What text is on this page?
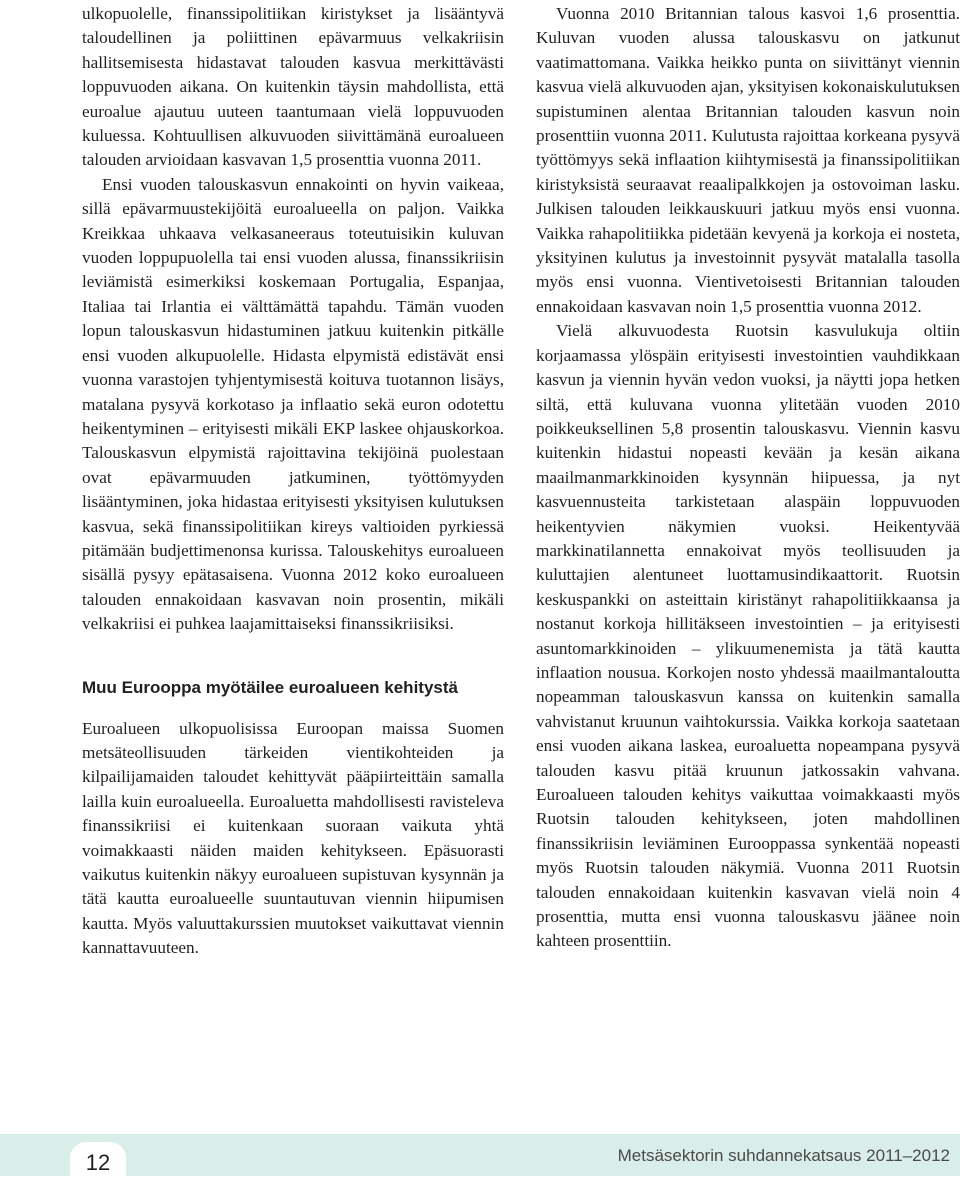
ulkopuolelle, finanssipolitiikan kiristykset ja lisääntyvä taloudellinen ja poliittinen epävarmuus velkakriisin hallitsemisesta hidastavat talouden kasvua merkittävästi loppuvuoden aikana. On kuitenkin täysin mahdollista, että euroalue ajautuu uuteen taantumaan vielä loppuvuoden kuluessa. Kohtuullisen alkuvuoden siivittämänä euroalueen talouden arvioidaan kasvavan 1,5 prosenttia vuonna 2011.

Ensi vuoden talouskasvun ennakointi on hyvin vaikeaa, sillä epävarmuustekijöitä euroalueella on paljon. Vaikka Kreikkaa uhkaava velkasaneeraus toteutuisikin kuluvan vuoden loppupuolella tai ensi vuoden alussa, finanssikriisin leviämistä esimerkiksi koskemaan Portugalia, Espanjaa, Italiaa tai Irlantia ei välttämättä tapahdu. Tämän vuoden lopun talouskasvun hidastuminen jatkuu kuitenkin pitkälle ensi vuoden alkupuolelle. Hidasta elpymistä edistävät ensi vuonna varastojen tyhjentymisestä koituva tuotannon lisäys, matalana pysyvä korkotaso ja inflaatio sekä euron odotettu heikentyminen – erityisesti mikäli EKP laskee ohjauskorkoa. Talouskasvun elpymistä rajoittavina tekijöinä puolestaan ovat epävarmuuden jatkuminen, työttömyyden lisääntyminen, joka hidastaa erityisesti yksityisen kulutuksen kasvua, sekä finanssipolitiikan kireys valtioiden pyrkiessä pitämään budjettimenonsa kurissa. Talouskehitys euroalueen sisällä pysyy epätasaisena. Vuonna 2012 koko euroalueen talouden ennakoidaan kasvavan noin prosentin, mikäli velkakriisi ei puhkea laajamittaiseksi finanssikriisiksi.

Muu Eurooppa myötäilee euroalueen kehitystä

Euroalueen ulkopuolisissa Euroopan maissa Suomen metsäteollisuuden tärkeiden vientikohteiden ja kilpailijamaiden taloudet kehittyvät pääpiirteittäin samalla lailla kuin euroalueella. Euroaluetta mahdollisesti ravisteleva finanssikriisi ei kuitenkaan suoraan vaikuta yhtä voimakkaasti näiden maiden kehitykseen. Epäsuorasti vaikutus kuitenkin näkyy euroalueen supistuvan kysynnän ja tätä kautta euroalueelle suuntautuvan viennin hiipumisen kautta. Myös valuuttakurssien muutokset vaikuttavat viennin kannattavuuteen.

Vuonna 2010 Britannian talous kasvoi 1,6 prosenttia. Kuluvan vuoden alussa talouskasvu on jatkunut vaatimattomana. Vaikka heikko punta on siivittänyt viennin kasvua vielä alkuvuoden ajan, yksityisen kokonaiskulutuksen supistuminen alentaa Britannian talouden kasvun noin prosenttiin vuonna 2011. Kulutusta rajoittaa korkeana pysyvä työttömyys sekä inflaation kiihtymisestä ja finanssipolitiikan kiristyksistä seuraavat reaalipalkkojen ja ostovoiman lasku. Julkisen talouden leikkauskuuri jatkuu myös ensi vuonna. Vaikka rahapolitiikka pidetään kevyenä ja korkoja ei nosteta, yksityinen kulutus ja investoinnit pysyvät matalalla tasolla myös ensi vuonna. Vientivetoisesti Britannian talouden ennakoidaan kasvavan noin 1,5 prosenttia vuonna 2012.

Vielä alkuvuodesta Ruotsin kasvulukuja oltiin korjaamassa ylöspäin erityisesti investointien vauhdikkaan kasvun ja viennin hyvän vedon vuoksi, ja näytti jopa hetken siltä, että kuluvana vuonna ylitetään vuoden 2010 poikkeuksellinen 5,8 prosentin talouskasvu. Viennin kasvu kuitenkin hidastui nopeasti kevään ja kesän aikana maailmanmarkkinoiden kysynnän hiipuessa, ja nyt kasvuennusteita tarkistetaan alaspäin loppuvuoden heikentyvien näkymien vuoksi. Heikentyvää markkinatilannetta ennakoivat myös teollisuuden ja kuluttajien alentuneet luottamusindikaattorit. Ruotsin keskuspankki on asteittain kiristänyt rahapolitiikkaansa ja nostanut korkoja hillitäkseen investointien – ja erityisesti asuntomarkkinoiden – ylikuumenemista ja tätä kautta inflaation nousua. Korkojen nosto yhdessä maailmantaloutta nopeamman talouskasvun kanssa on kuitenkin samalla vahvistanut kruunun vaihtokurssia. Vaikka korkoja saatetaan ensi vuoden aikana laskea, euroaluetta nopeampana pysyvä talouden kasvu pitää kruunun jatkossakin vahvana. Euroalueen talouden kehitys vaikuttaa voimakkaasti myös Ruotsin talouden kehitykseen, joten mahdollinen finanssikriisin leviäminen Eurooppassa synkentää nopeasti myös Ruotsin talouden näkymiä. Vuonna 2011 Ruotsin talouden ennakoidaan kuitenkin kasvavan vielä noin 4 prosenttia, mutta ensi vuonna talouskasvu jäänee noin kahteen prosenttiin.

12	Metsäsektorin suhdannekatsaus 2011–2012
